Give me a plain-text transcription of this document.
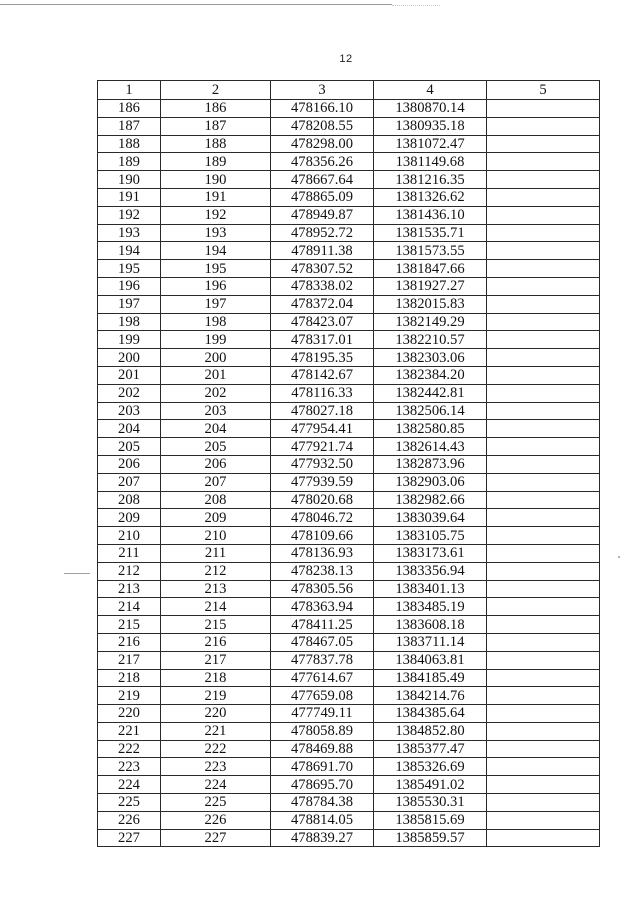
12
1	2	3	4	5
186	186	478166.10	1380870.14	
187	187	478208.55	1380935.18	
188	188	478298.00	1381072.47	
189	189	478356.26	1381149.68	
190	190	478667.64	1381216.35	
191	191	478865.09	1381326.62	
192	192	478949.87	1381436.10	
193	193	478952.72	1381535.71	
194	194	478911.38	1381573.55	
195	195	478307.52	1381847.66	
196	196	478338.02	1381927.27	
197	197	478372.04	1382015.83	
198	198	478423.07	1382149.29	
199	199	478317.01	1382210.57	
200	200	478195.35	1382303.06	
201	201	478142.67	1382384.20	
202	202	478116.33	1382442.81	
203	203	478027.18	1382506.14	
204	204	477954.41	1382580.85	
205	205	477921.74	1382614.43	
206	206	477932.50	1382873.96	
207	207	477939.59	1382903.06	
208	208	478020.68	1382982.66	
209	209	478046.72	1383039.64	
210	210	478109.66	1383105.75	
211	211	478136.93	1383173.61	
212	212	478238.13	1383356.94	
213	213	478305.56	1383401.13	
214	214	478363.94	1383485.19	
215	215	478411.25	1383608.18	
216	216	478467.05	1383711.14	
217	217	477837.78	1384063.81	
218	218	477614.67	1384185.49	
219	219	477659.08	1384214.76	
220	220	477749.11	1384385.64	
221	221	478058.89	1384852.80	
222	222	478469.88	1385377.47	
223	223	478691.70	1385326.69	
224	224	478695.70	1385491.02	
225	225	478784.38	1385530.31	
226	226	478814.05	1385815.69	
227	227	478839.27	1385859.57	
